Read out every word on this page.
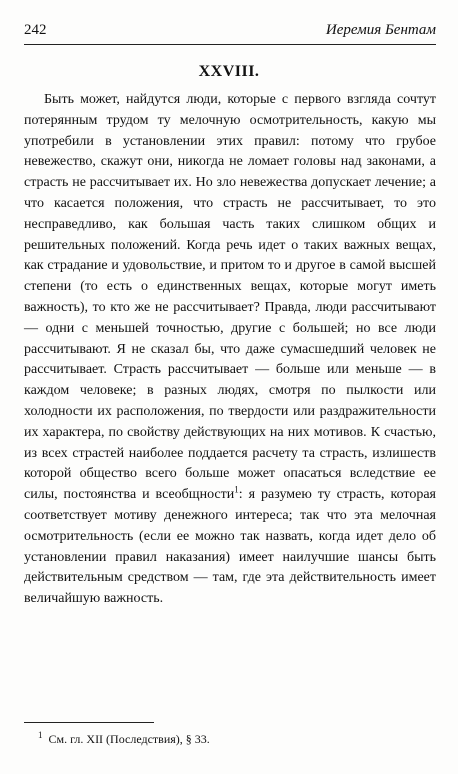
242	Иеремия Бентам
XXVIII.

Быть может, найдутся люди, которые с первого взгляда сочтут потерянным трудом ту мелочную осмотрительность, какую мы употребили в установлении этих правил: потому что грубое невежество, скажут они, никогда не ломает головы над законами, а страсть не рассчитывает их. Но зло невежества допускает лечение; а что касается положения, что страсть не рассчитывает, то это несправедливо, как большая часть таких слишком общих и решительных положений. Когда речь идет о таких важных вещах, как страдание и удовольствие, и притом то и другое в самой высшей степени (то есть о единственных вещах, которые могут иметь важность), то кто же не рассчитывает? Правда, люди рассчитывают — одни с меньшей точностью, другие с большей; но все люди рассчитывают. Я не сказал бы, что даже сумасшедший человек не рассчитывает. Страсть рассчитывает — больше или меньше — в каждом человеке; в разных людях, смотря по пылкости или холодности их расположения, по твердости или раздражительности их характера, по свойству действующих на них мотивов. К счастью, из всех страстей наиболее поддается расчету та страсть, излишеств которой общество всего больше может опасаться вследствие ее силы, постоянства и всеобщности$^1$: я разумею ту страсть, которая соответствует мотиву денежного интереса; так что эта мелочная осмотрительность (если ее можно так назвать, когда идет дело об установлении правил наказания) имеет наилучшие шансы быть действительным средством — там, где эта действительность имеет величайшую важность.

$^1$ См. гл. XII (Последствия), § 33.
